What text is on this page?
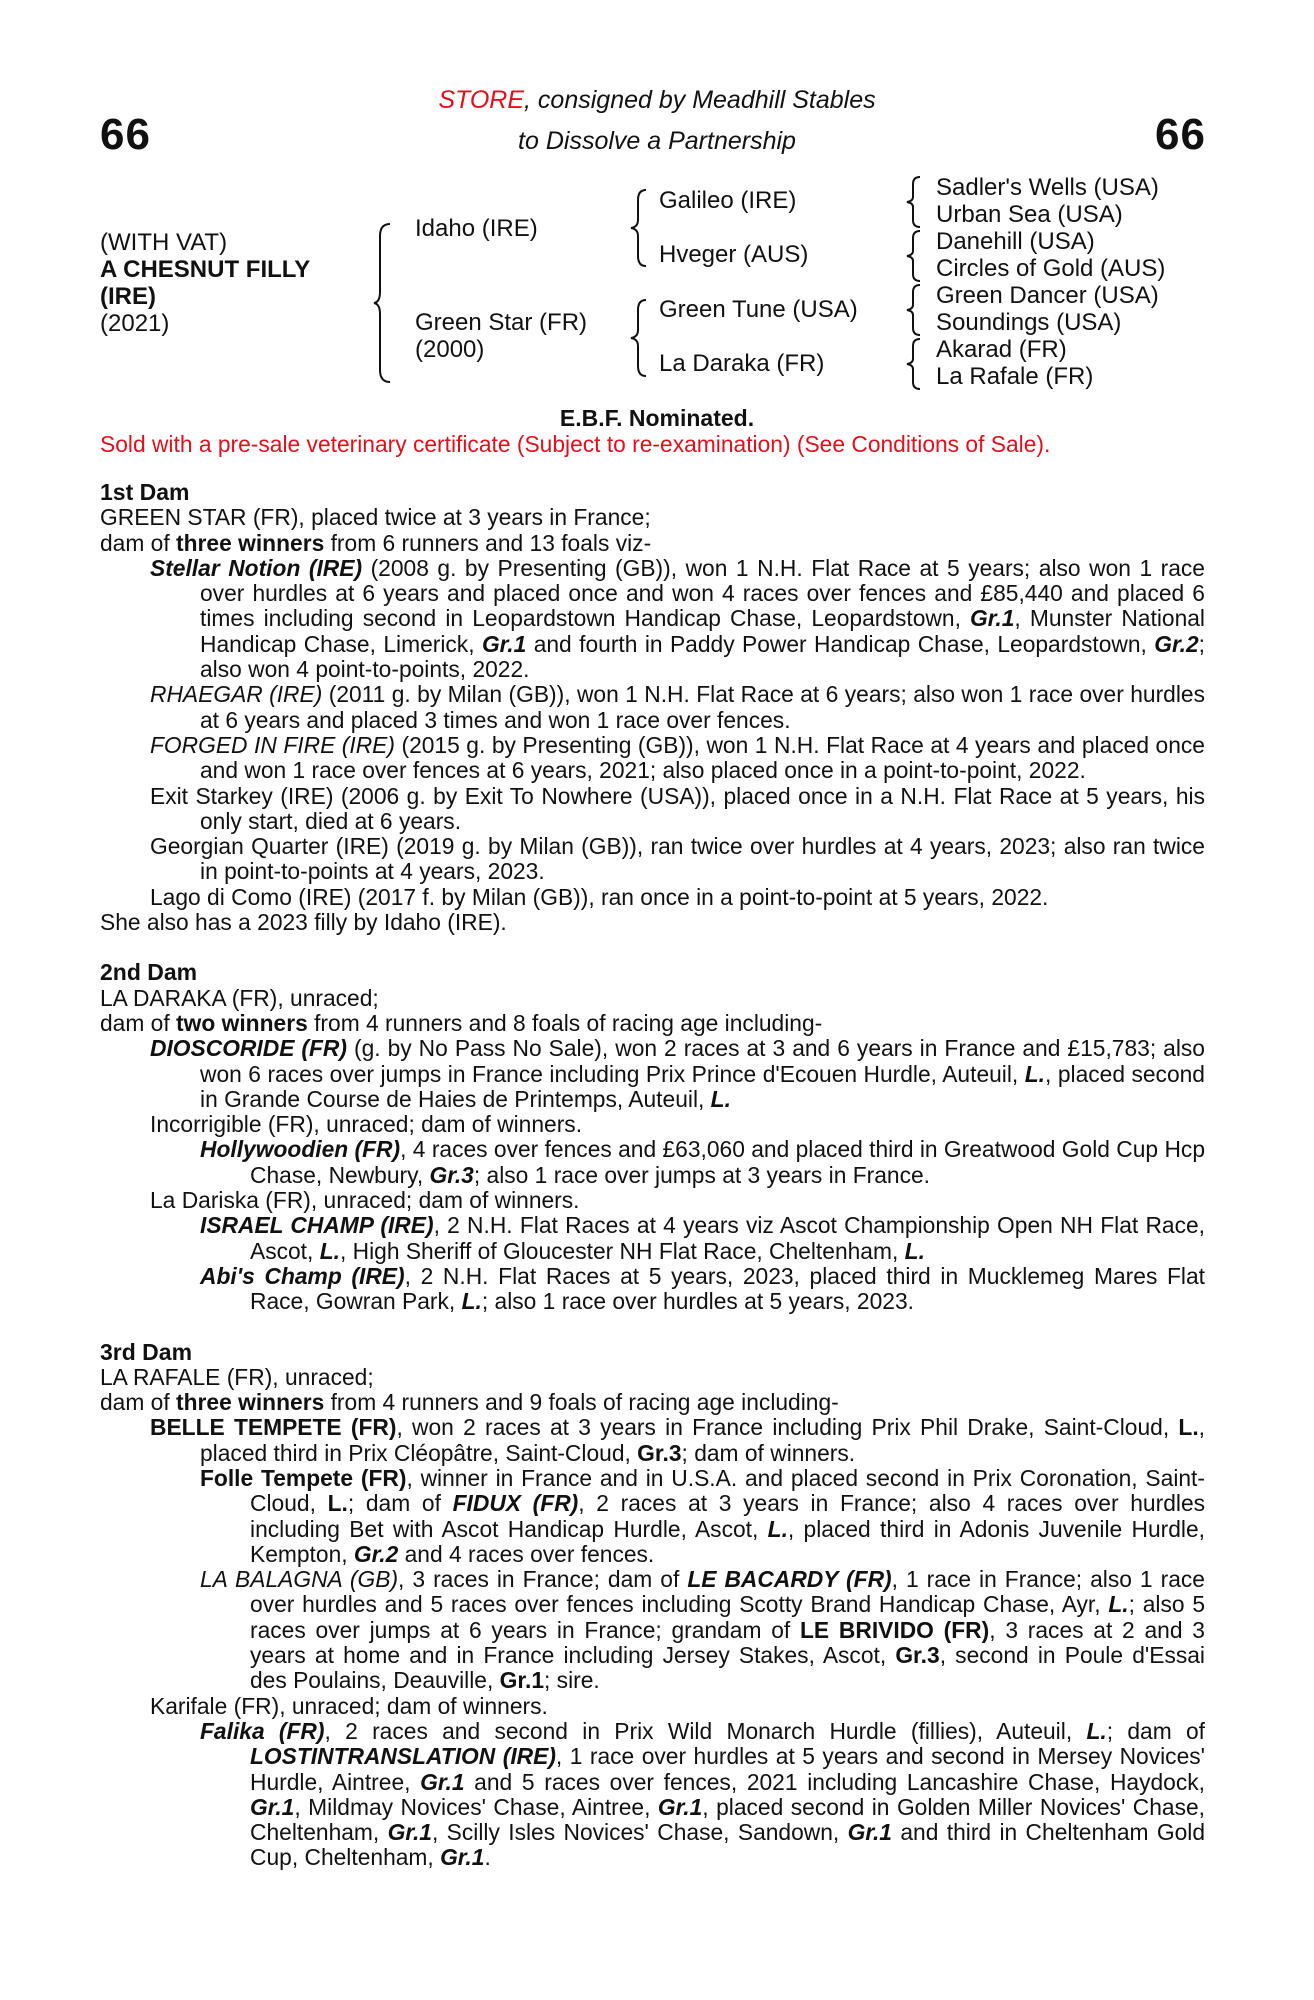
66	66
STORE, consigned by Meadhill Stables
to Dissolve a Partnership
(WITH VAT)
A CHESNUT FILLY
(IRE)
(2021)
Idaho (IRE)
Green Star (FR)
(2000)
Galileo (IRE)
Hveger (AUS)
Green Tune (USA)
La Daraka (FR)
Sadler's Wells (USA)
Urban Sea (USA)
Danehill (USA)
Circles of Gold (AUS)
Green Dancer (USA)
Soundings (USA)
Akarad (FR)
La Rafale (FR)
E.B.F. Nominated.
Sold with a pre-sale veterinary certificate (Subject to re-examination) (See Conditions of Sale).

1st Dam

GREEN STAR (FR), placed twice at 3 years in France;

dam of three winners from 6 runners and 13 foals viz-

Stellar Notion (IRE) (2008 g. by Presenting (GB)), won 1 N.H. Flat Race at 5 years; also won 1 race over hurdles at 6 years and placed once and won 4 races over fences and £85,440 and placed 6 times including second in Leopardstown Handicap Chase, Leopardstown, Gr.1, Munster National Handicap Chase, Limerick, Gr.1 and fourth in Paddy Power Handicap Chase, Leopardstown, Gr.2; also won 4 point-to-points, 2022.

RHAEGAR (IRE) (2011 g. by Milan (GB)), won 1 N.H. Flat Race at 6 years; also won 1 race over hurdles at 6 years and placed 3 times and won 1 race over fences.

FORGED IN FIRE (IRE) (2015 g. by Presenting (GB)), won 1 N.H. Flat Race at 4 years and placed once and won 1 race over fences at 6 years, 2021; also placed once in a point-to-point, 2022.

Exit Starkey (IRE) (2006 g. by Exit To Nowhere (USA)), placed once in a N.H. Flat Race at 5 years, his only start, died at 6 years.

Georgian Quarter (IRE) (2019 g. by Milan (GB)), ran twice over hurdles at 4 years, 2023; also ran twice in point-to-points at 4 years, 2023.

Lago di Como (IRE) (2017 f. by Milan (GB)), ran once in a point-to-point at 5 years, 2022.

She also has a 2023 filly by Idaho (IRE).

2nd Dam

LA DARAKA (FR), unraced;

dam of two winners from 4 runners and 8 foals of racing age including-

DIOSCORIDE (FR) (g. by No Pass No Sale), won 2 races at 3 and 6 years in France and £15,783; also won 6 races over jumps in France including Prix Prince d'Ecouen Hurdle, Auteuil, L., placed second in Grande Course de Haies de Printemps, Auteuil, L.

Incorrigible (FR), unraced; dam of winners.

Hollywoodien (FR), 4 races over fences and £63,060 and placed third in Greatwood Gold Cup Hcp Chase, Newbury, Gr.3; also 1 race over jumps at 3 years in France.

La Dariska (FR), unraced; dam of winners.

ISRAEL CHAMP (IRE), 2 N.H. Flat Races at 4 years viz Ascot Championship Open NH Flat Race, Ascot, L., High Sheriff of Gloucester NH Flat Race, Cheltenham, L.

Abi's Champ (IRE), 2 N.H. Flat Races at 5 years, 2023, placed third in Mucklemeg Mares Flat Race, Gowran Park, L.; also 1 race over hurdles at 5 years, 2023.

3rd Dam

LA RAFALE (FR), unraced;

dam of three winners from 4 runners and 9 foals of racing age including-

BELLE TEMPETE (FR), won 2 races at 3 years in France including Prix Phil Drake, Saint-Cloud, L., placed third in Prix Cléopâtre, Saint-Cloud, Gr.3; dam of winners.

Folle Tempete (FR), winner in France and in U.S.A. and placed second in Prix Coronation, Saint-Cloud, L.; dam of FIDUX (FR), 2 races at 3 years in France; also 4 races over hurdles including Bet with Ascot Handicap Hurdle, Ascot, L., placed third in Adonis Juvenile Hurdle, Kempton, Gr.2 and 4 races over fences.

LA BALAGNA (GB), 3 races in France; dam of LE BACARDY (FR), 1 race in France; also 1 race over hurdles and 5 races over fences including Scotty Brand Handicap Chase, Ayr, L.; also 5 races over jumps at 6 years in France; grandam of LE BRIVIDO (FR), 3 races at 2 and 3 years at home and in France including Jersey Stakes, Ascot, Gr.3, second in Poule d'Essai des Poulains, Deauville, Gr.1; sire.

Karifale (FR), unraced; dam of winners.

Falika (FR), 2 races and second in Prix Wild Monarch Hurdle (fillies), Auteuil, L.; dam of LOSTINTRANSLATION (IRE), 1 race over hurdles at 5 years and second in Mersey Novices' Hurdle, Aintree, Gr.1 and 5 races over fences, 2021 including Lancashire Chase, Haydock, Gr.1, Mildmay Novices' Chase, Aintree, Gr.1, placed second in Golden Miller Novices' Chase, Cheltenham, Gr.1, Scilly Isles Novices' Chase, Sandown, Gr.1 and third in Cheltenham Gold Cup, Cheltenham, Gr.1.
